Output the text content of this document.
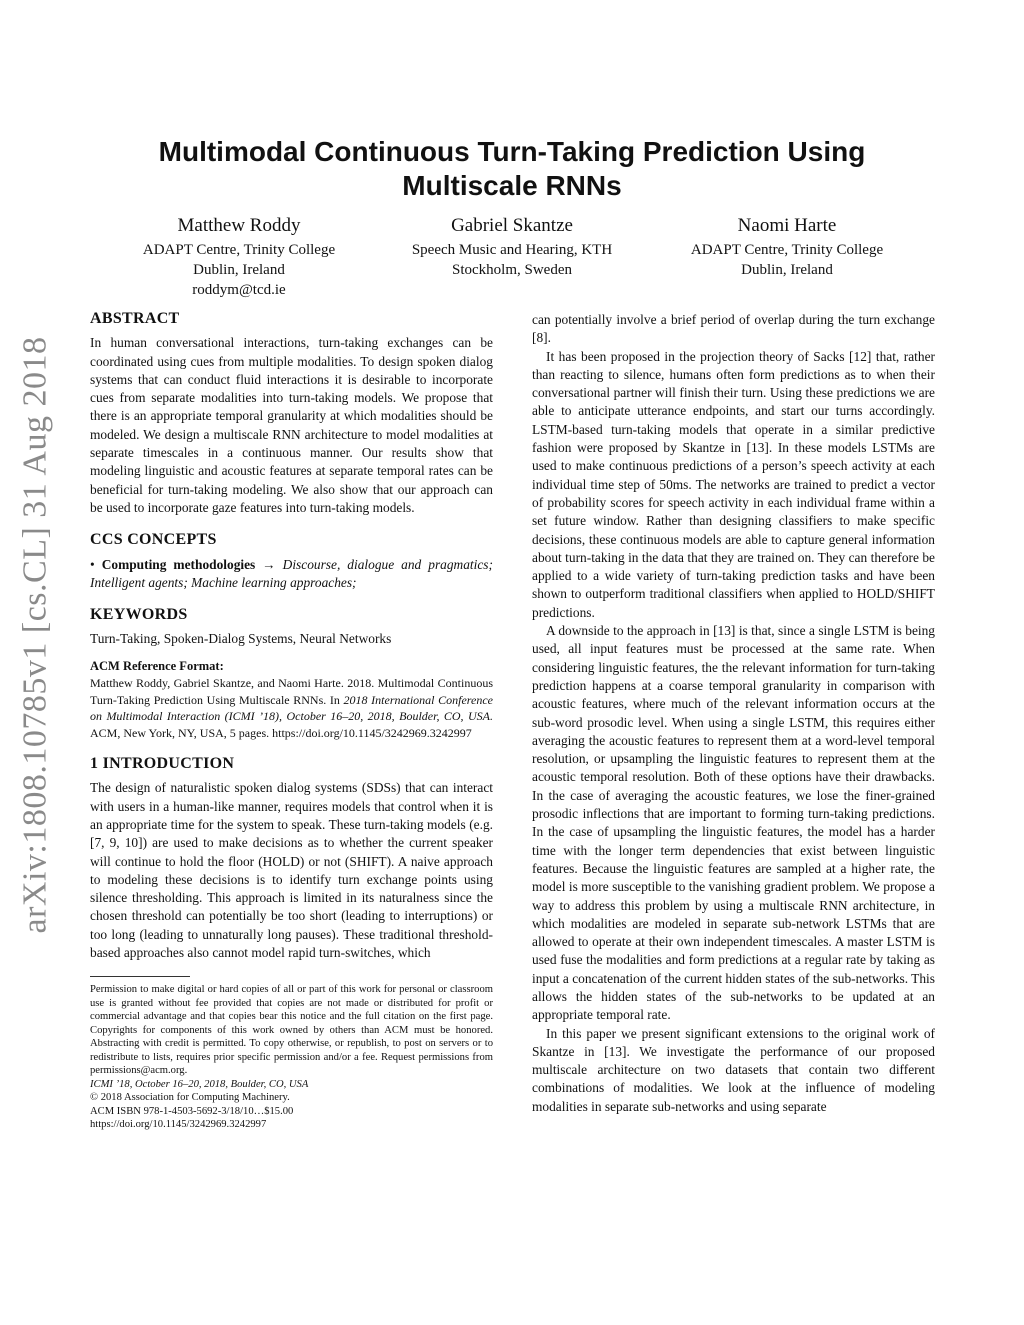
arXiv:1808.10785v1 [cs.CL] 31 Aug 2018
Multimodal Continuous Turn-Taking Prediction Using Multiscale RNNs
Matthew Roddy
ADAPT Centre, Trinity College
Dublin, Ireland
roddym@tcd.ie
Gabriel Skantze
Speech Music and Hearing, KTH
Stockholm, Sweden
Naomi Harte
ADAPT Centre, Trinity College
Dublin, Ireland
ABSTRACT

In human conversational interactions, turn-taking exchanges can be coordinated using cues from multiple modalities. To design spoken dialog systems that can conduct fluid interactions it is desirable to incorporate cues from separate modalities into turn-taking models. We propose that there is an appropriate temporal granularity at which modalities should be modeled. We design a multiscale RNN architecture to model modalities at separate timescales in a continuous manner. Our results show that modeling linguistic and acoustic features at separate temporal rates can be beneficial for turn-taking modeling. We also show that our approach can be used to incorporate gaze features into turn-taking models.

CCS CONCEPTS

• Computing methodologies → Discourse, dialogue and pragmatics; Intelligent agents; Machine learning approaches;

KEYWORDS

Turn-Taking, Spoken-Dialog Systems, Neural Networks

ACM Reference Format:

Matthew Roddy, Gabriel Skantze, and Naomi Harte. 2018. Multimodal Continuous Turn-Taking Prediction Using Multiscale RNNs. In 2018 International Conference on Multimodal Interaction (ICMI ’18), October 16–20, 2018, Boulder, CO, USA. ACM, New York, NY, USA, 5 pages. https://doi.org/10.1145/3242969.3242997

1 INTRODUCTION

The design of naturalistic spoken dialog systems (SDSs) that can interact with users in a human-like manner, requires models that control when it is an appropriate time for the system to speak. These turn-taking models (e.g. [7, 9, 10]) are used to make decisions as to whether the current speaker will continue to hold the floor (HOLD) or not (SHIFT). A naive approach to modeling these decisions is to identify turn exchange points using silence thresholding. This approach is limited in its naturalness since the chosen threshold can potentially be too short (leading to interruptions) or too long (leading to unnaturally long pauses). These traditional threshold-based approaches also cannot model rapid turn-switches, which

Permission to make digital or hard copies of all or part of this work for personal or classroom use is granted without fee provided that copies are not made or distributed for profit or commercial advantage and that copies bear this notice and the full citation on the first page. Copyrights for components of this work owned by others than ACM must be honored. Abstracting with credit is permitted. To copy otherwise, or republish, to post on servers or to redistribute to lists, requires prior specific permission and/or a fee. Request permissions from permissions@acm.org.
ICMI ’18, October 16–20, 2018, Boulder, CO, USA
© 2018 Association for Computing Machinery.
ACM ISBN 978-1-4503-5692-3/18/10…$15.00
https://doi.org/10.1145/3242969.3242997

can potentially involve a brief period of overlap during the turn exchange [8].

It has been proposed in the projection theory of Sacks [12] that, rather than reacting to silence, humans often form predictions as to when their conversational partner will finish their turn. Using these predictions we are able to anticipate utterance endpoints, and start our turns accordingly. LSTM-based turn-taking models that operate in a similar predictive fashion were proposed by Skantze in [13]. In these models LSTMs are used to make continuous predictions of a person’s speech activity at each individual time step of 50ms. The networks are trained to predict a vector of probability scores for speech activity in each individual frame within a set future window. Rather than designing classifiers to make specific decisions, these continuous models are able to capture general information about turn-taking in the data that they are trained on. They can therefore be applied to a wide variety of turn-taking prediction tasks and have been shown to outperform traditional classifiers when applied to HOLD/SHIFT predictions.

A downside to the approach in [13] is that, since a single LSTM is being used, all input features must be processed at the same rate. When considering linguistic features, the the relevant information for turn-taking prediction happens at a coarse temporal granularity in comparison with acoustic features, where much of the relevant information occurs at the sub-word prosodic level. When using a single LSTM, this requires either averaging the acoustic features to represent them at a word-level temporal resolution, or upsampling the linguistic features to represent them at the acoustic temporal resolution. Both of these options have their drawbacks. In the case of averaging the acoustic features, we lose the finer-grained prosodic inflections that are important to forming turn-taking predictions. In the case of upsampling the linguistic features, the model has a harder time with the longer term dependencies that exist between linguistic features. Because the linguistic features are sampled at a higher rate, the model is more susceptible to the vanishing gradient problem. We propose a way to address this problem by using a multiscale RNN architecture, in which modalities are modeled in separate sub-network LSTMs that are allowed to operate at their own independent timescales. A master LSTM is used fuse the modalities and form predictions at a regular rate by taking as input a concatenation of the current hidden states of the sub-networks. This allows the hidden states of the sub-networks to be updated at an appropriate temporal rate.

In this paper we present significant extensions to the original work of Skantze in [13]. We investigate the performance of our proposed multiscale architecture on two datasets that contain two different combinations of modalities. We look at the influence of modeling modalities in separate sub-networks and using separate
